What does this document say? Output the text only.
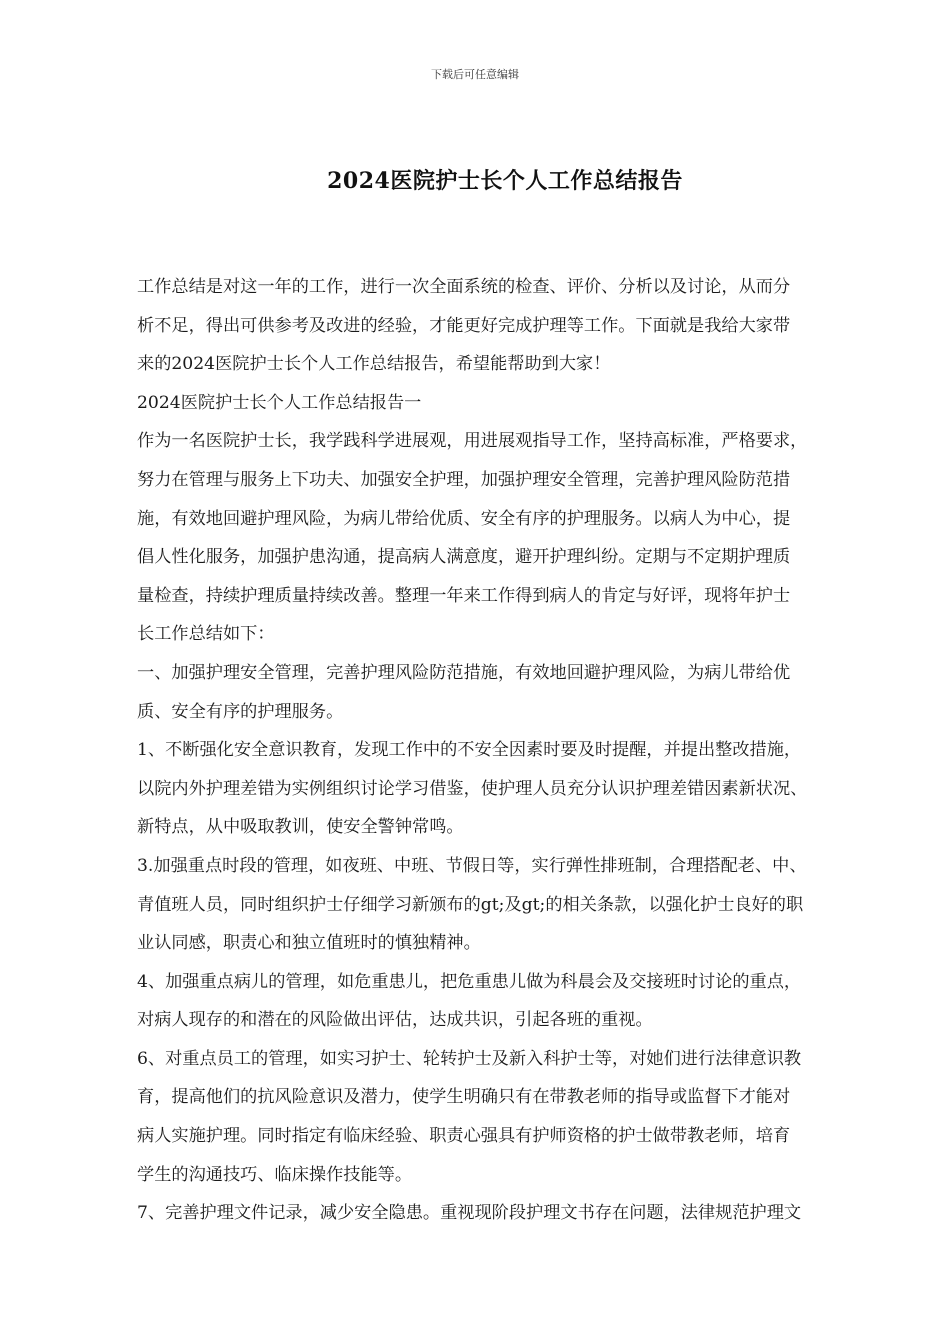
下载后可任意编辑
2024医院护士长个人工作总结报告
工作总结是对这一年的工作，进行一次全面系统的检查、评价、分析以及讨论，从而分
析不足，得出可供参考及改进的经验，才能更好完成护理等工作。下面就是我给大家带
来的2024医院护士长个人工作总结报告，希望能帮助到大家！
2024医院护士长个人工作总结报告一
作为一名医院护士长，我学践科学进展观，用进展观指导工作，坚持高标准，严格要求，
努力在管理与服务上下功夫、加强安全护理，加强护理安全管理，完善护理风险防范措
施，有效地回避护理风险，为病儿带给优质、安全有序的护理服务。以病人为中心，提
倡人性化服务，加强护患沟通，提高病人满意度，避开护理纠纷。定期与不定期护理质
量检查，持续护理质量持续改善。整理一年来工作得到病人的肯定与好评，现将年护士
长工作总结如下：
一、加强护理安全管理，完善护理风险防范措施，有效地回避护理风险，为病儿带给优
质、安全有序的护理服务。
1、不断强化安全意识教育，发现工作中的不安全因素时要及时提醒，并提出整改措施，
以院内外护理差错为实例组织讨论学习借鉴，使护理人员充分认识护理差错因素新状况、
新特点，从中吸取教训，使安全警钟常鸣。
3.加强重点时段的管理，如夜班、中班、节假日等，实行弹性排班制，合理搭配老、中、
青值班人员，同时组织护士仔细学习新颁布的gt;及gt;的相关条款，以强化护士良好的职
业认同感，职责心和独立值班时的慎独精神。
4、加强重点病儿的管理，如危重患儿，把危重患儿做为科晨会及交接班时讨论的重点，
对病人现存的和潜在的风险做出评估，达成共识，引起各班的重视。
6、对重点员工的管理，如实习护士、轮转护士及新入科护士等，对她们进行法律意识教
育，提高他们的抗风险意识及潜力，使学生明确只有在带教老师的指导或监督下才能对
病人实施护理。同时指定有临床经验、职责心强具有护师资格的护士做带教老师，培育
学生的沟通技巧、临床操作技能等。
7、完善护理文件记录，减少安全隐患。重视现阶段护理文书存在问题，法律规范护理文
